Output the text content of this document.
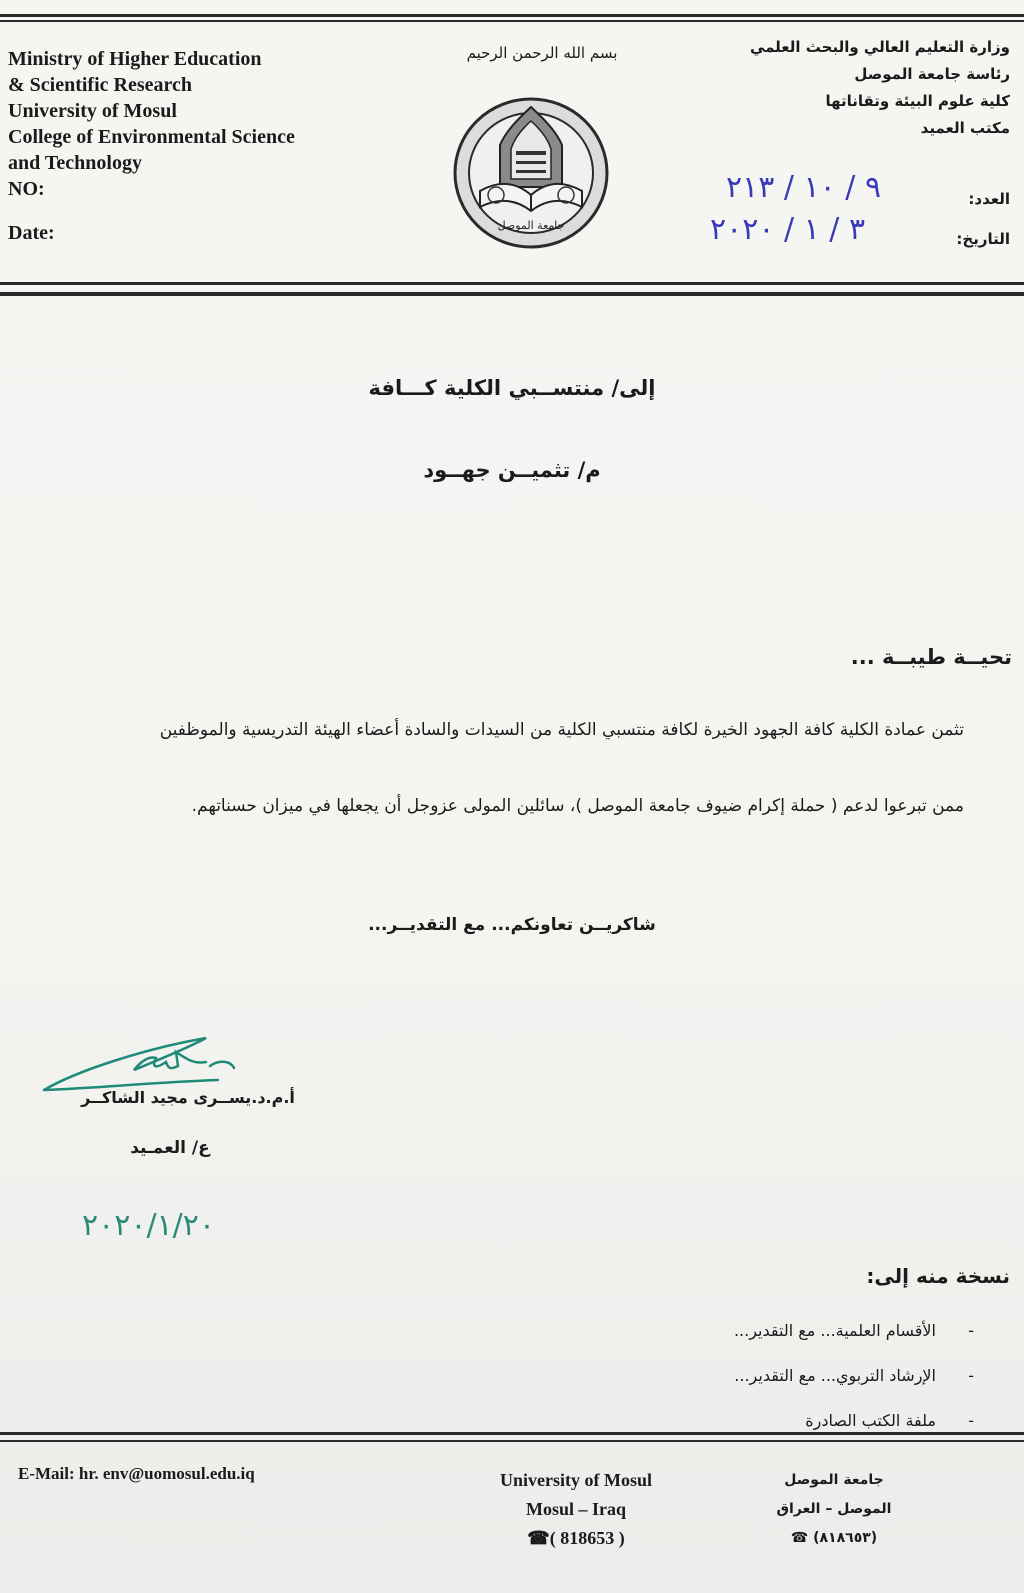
Ministry of Higher Education
& Scientific Research
University of Mosul
College of Environmental Science
and Technology
NO:
Date:
بسم الله الرحمن الرحيم
جامعة الموصل
وزارة التعليم العالي والبحث العلمي
رئاسة جامعة الموصل
كلية علوم البيئة وتقاناتها
مكتب العميد
العدد:
٩ / ١٠ / ٢١٣
التاريخ:
٣ / ١ / ٢٠٢٠
إلى/ منتســبي الكلية كـــافة
م/ تثميــن جهــود
تحيــة طيبــة ...
تثمن عمادة الكلية كافة الجهود الخيرة لكافة منتسبي الكلية من السيدات والسادة أعضاء الهيئة التدريسية والموظفين
ممن تبرعوا لدعم ( حملة إكرام ضيوف جامعة الموصل )، سائلين المولى عزوجل أن يجعلها في ميزان حسناتهم.
شاكريــن تعاونكم... مع التقديــر...
أ.م.د.يســرى مجيد الشاكــر
ع/ العمـيد
٢٠٢٠/١/٢٠
نسخة منه إلى:
- الأقسام العلمية... مع التقدير...
- الإرشاد التربوي... مع التقدير...
- ملفة الكتب الصادرة
E-Mail: hr. env@uomosul.edu.iq	University of Mosul
Mosul – Iraq
☎( 818653 )
جامعة الموصل
الموصل – العراق
(٨١٨٦٥٣) ☎
